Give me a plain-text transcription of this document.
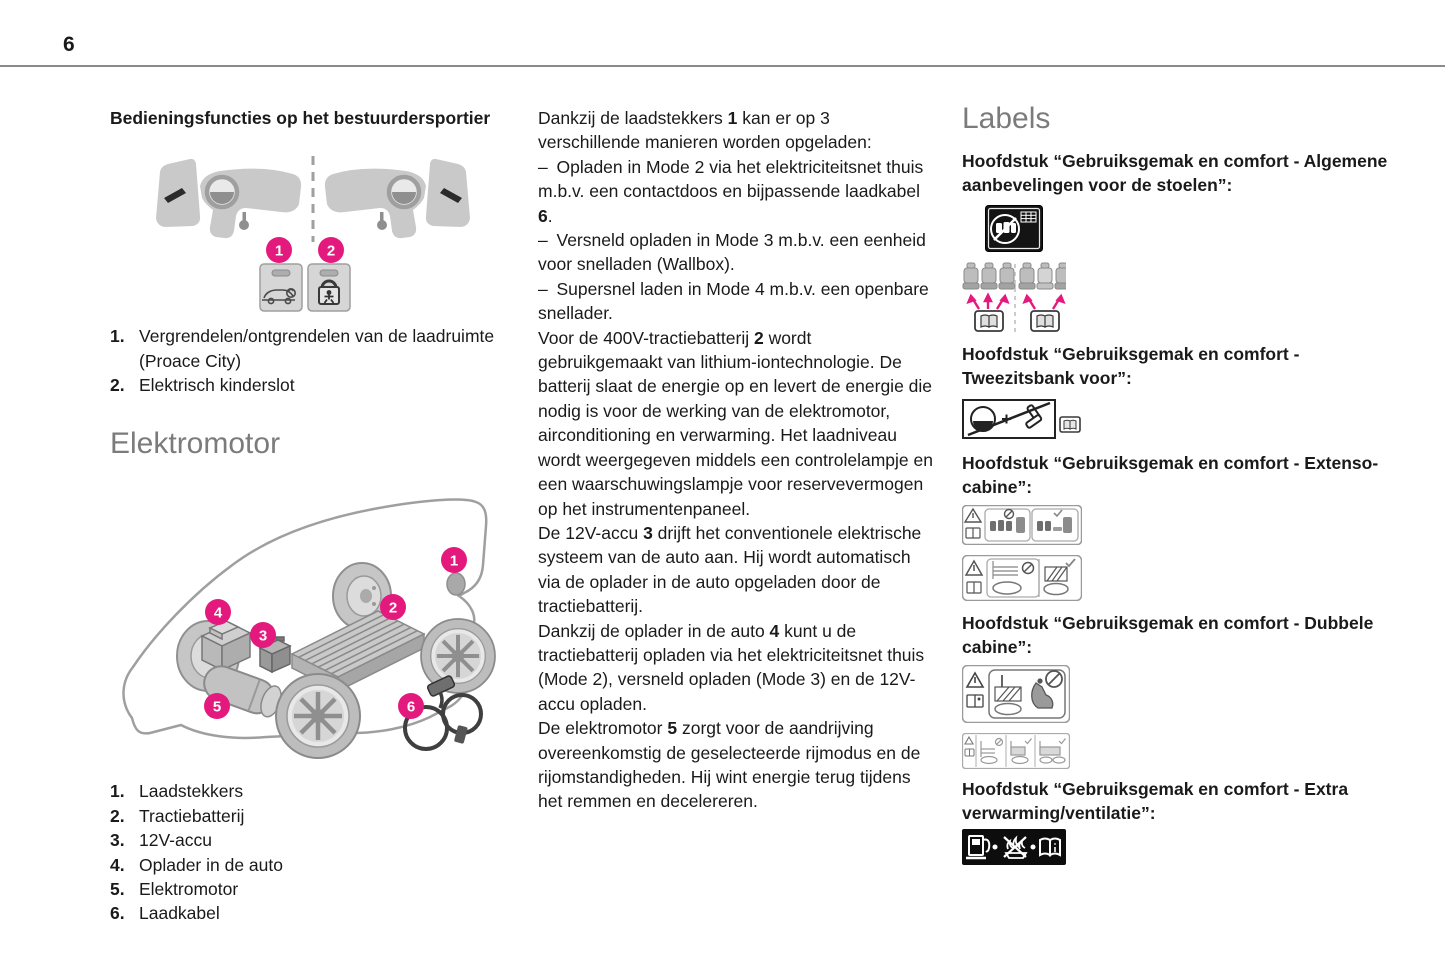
6

Bedieningsfuncties op het bestuurdersportier

1	2
1. Vergrendelen/ontgrendelen van de laadruimte (Proace City)
2. Elektrisch kinderslot
Elektromotor
1
2
3
4
5	6
1. Laadstekkers
2. Tractiebatterij
3. 12V-accu
4. Oplader in de auto
5. Elektromotor
6. Laadkabel

Dankzij de laadstekkers 1 kan er op 3 verschillende manieren worden opgeladen:

– Opladen in Mode 2 via het elektriciteitsnet thuis m.b.v. een contactdoos en bijpassende laadkabel 6.

– Versneld opladen in Mode 3 m.b.v. een eenheid voor snelladen (Wallbox).

– Supersnel laden in Mode 4 m.b.v. een openbare snellader.

Voor de 400V-tractiebatterij 2 wordt gebruikgemaakt van lithium-iontechnologie. De batterij slaat de energie op en levert de energie die nodig is voor de werking van de elektromotor, airconditioning en verwarming. Het laadniveau wordt weergegeven middels een controlelampje en een waarschuwingslampje voor reservevermogen op het instrumentenpaneel.

De 12V-accu 3 drijft het conventionele elektrische systeem van de auto aan. Hij wordt automatisch via de oplader in de auto opgeladen door de tractiebatterij.

Dankzij de oplader in de auto 4 kunt u de tractiebatterij opladen via het elektriciteitsnet thuis (Mode 2), versneld opladen (Mode 3) en de 12V-accu opladen.

De elektromotor 5 zorgt voor de aandrijving overeenkomstig de geselecteerde rijmodus en de rijomstandigheden. Hij wint energie terug tijdens het remmen en decelereren.

Labels

Hoofdstuk “Gebruiksgemak en comfort - Algemene aanbevelingen voor de stoelen”:

Hoofdstuk “Gebruiksgemak en comfort - Tweezitsbank voor”:

Hoofdstuk “Gebruiksgemak en comfort - Extenso-cabine”:

Hoofdstuk “Gebruiksgemak en comfort - Dubbele cabine”:

Hoofdstuk “Gebruiksgemak en comfort - Extra verwarming/ventilatie”:
